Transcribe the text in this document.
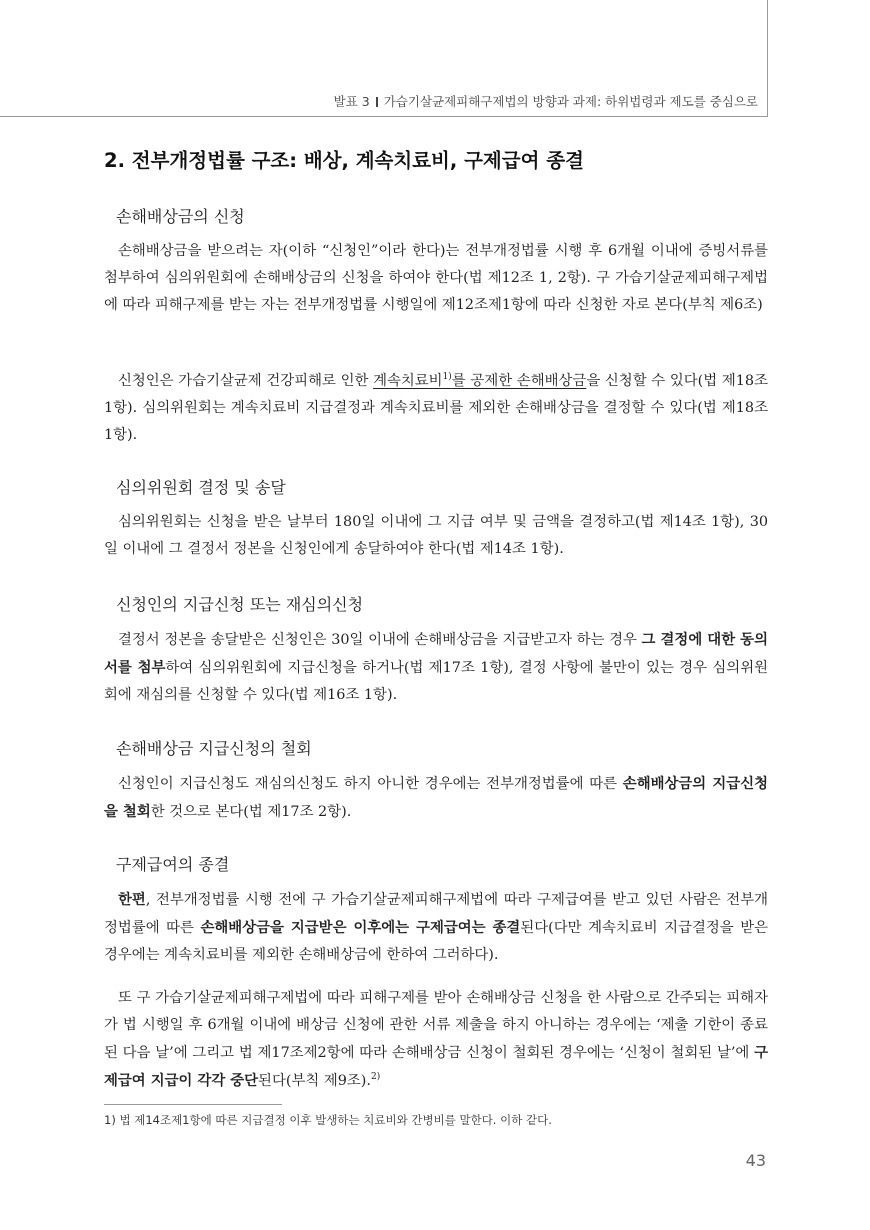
발표 3 가습기살균제피해구제법의 방향과 과제: 하위법령과 제도를 중심으로
2. 전부개정법률 구조: 배상, 계속치료비, 구제급여 종결
손해배상금의 신청

손해배상금을 받으려는 자(이하 “신청인”이라 한다)는 전부개정법률 시행 후 6개월 이내에 증빙서류를 첨부하여 심의위원회에 손해배상금의 신청을 하여야 한다(법 제12조 1, 2항). 구 가습기살균제피해구제법에 따라 피해구제를 받는 자는 전부개정법률 시행일에 제12조제1항에 따라 신청한 자로 본다(부칙 제6조)

신청인은 가습기살균제 건강피해로 인한 계속치료비$^{1)}$를 공제한 손해배상금을 신청할 수 있다(법 제18조 1항). 심의위원회는 계속치료비 지급결정과 계속치료비를 제외한 손해배상금을 결정할 수 있다(법 제18조 1항).

심의위원회 결정 및 송달

심의위원회는 신청을 받은 날부터 180일 이내에 그 지급 여부 및 금액을 결정하고(법 제14조 1항), 30일 이내에 그 결정서 정본을 신청인에게 송달하여야 한다(법 제14조 1항).

신청인의 지급신청 또는 재심의신청

결정서 정본을 송달받은 신청인은 30일 이내에 손해배상금을 지급받고자 하는 경우 그 결정에 대한 동의서를 첨부하여 심의위원회에 지급신청을 하거나(법 제17조 1항), 결정 사항에 불만이 있는 경우 심의위원회에 재심의를 신청할 수 있다(법 제16조 1항).

손해배상금 지급신청의 철회

신청인이 지급신청도 재심의신청도 하지 아니한 경우에는 전부개정법률에 따른 손해배상금의 지급신청을 철회한 것으로 본다(법 제17조 2항).

구제급여의 종결

한편, 전부개정법률 시행 전에 구 가습기살균제피해구제법에 따라 구제급여를 받고 있던 사람은 전부개정법률에 따른 손해배상금을 지급받은 이후에는 구제급여는 종결된다(다만 계속치료비 지급결정을 받은 경우에는 계속치료비를 제외한 손해배상금에 한하여 그러하다).

또 구 가습기살균제피해구제법에 따라 피해구제를 받아 손해배상금 신청을 한 사람으로 간주되는 피해자가 법 시행일 후 6개월 이내에 배상금 신청에 관한 서류 제출을 하지 아니하는 경우에는 ‘제출 기한이 종료된 다음 날’에 그리고 법 제17조제2항에 따라 손해배상금 신청이 철회된 경우에는 ‘신청이 철회된 날’에 구제급여 지급이 각각 중단된다(부칙 제9조).$^{2)}$

1) 법 제14조제1항에 따른 지급결정 이후 발생하는 치료비와 간병비를 말한다. 이하 같다.
43
